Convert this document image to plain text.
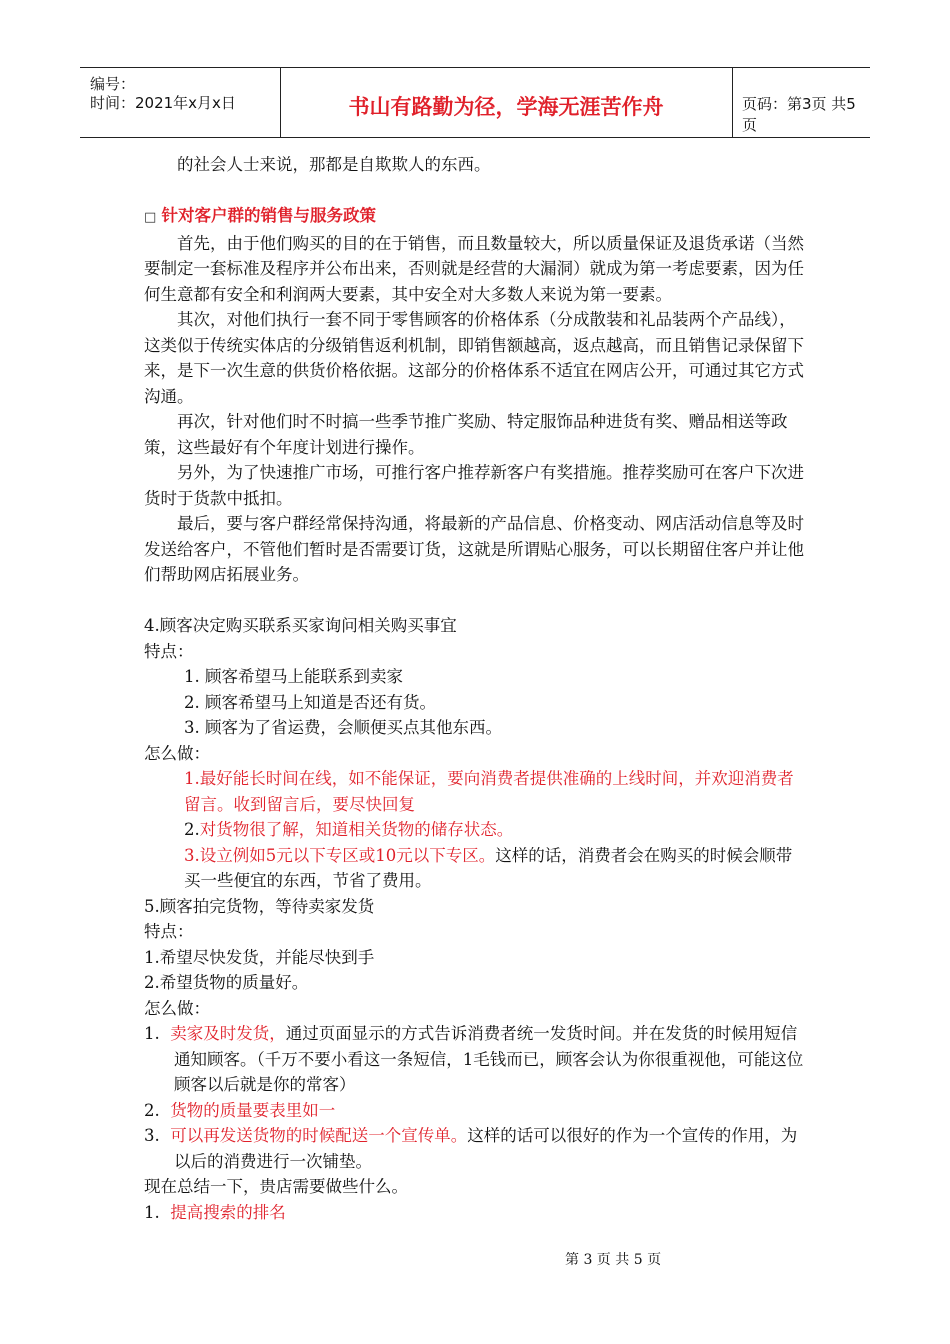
编号：
时间：2021年x月x日	书山有路勤为径，学海无涯苦作舟	页码：第3页 共5页

的社会人士来说，那都是自欺欺人的东西。

□ 针对客户群的销售与服务政策

首先，由于他们购买的目的在于销售，而且数量较大，所以质量保证及退货承诺（当然要制定一套标准及程序并公布出来，否则就是经营的大漏洞）就成为第一考虑要素，因为任何生意都有安全和利润两大要素，其中安全对大多数人来说为第一要素。

其次，对他们执行一套不同于零售顾客的价格体系（分成散装和礼品装两个产品线），这类似于传统实体店的分级销售返利机制，即销售额越高，返点越高，而且销售记录保留下来，是下一次生意的供货价格依据。这部分的价格体系不适宜在网店公开，可通过其它方式沟通。

再次，针对他们时不时搞一些季节推广奖励、特定服饰品种进货有奖、赠品相送等政策，这些最好有个年度计划进行操作。

另外，为了快速推广市场，可推行客户推荐新客户有奖措施。推荐奖励可在客户下次进货时于货款中抵扣。

最后，要与客户群经常保持沟通，将最新的产品信息、价格变动、网店活动信息等及时发送给客户，不管他们暂时是否需要订货，这就是所谓贴心服务，可以长期留住客户并让他们帮助网店拓展业务。

4.顾客决定购买联系买家询问相关购买事宜

特点：

1. 顾客希望马上能联系到卖家

2. 顾客希望马上知道是否还有货。

3. 顾客为了省运费，会顺便买点其他东西。

怎么做：

1.最好能长时间在线，如不能保证，要向消费者提供准确的上线时间，并欢迎消费者留言。收到留言后，要尽快回复

2.对货物很了解，知道相关货物的储存状态。

3.设立例如5元以下专区或10元以下专区。这样的话，消费者会在购买的时候会顺带买一些便宜的东西，节省了费用。

5.顾客拍完货物，等待卖家发货

特点：

1.希望尽快发货，并能尽快到手

2.希望货物的质量好。

怎么做：

1. 卖家及时发货，通过页面显示的方式告诉消费者统一发货时间。并在发货的时候用短信通知顾客。（千万不要小看这一条短信，1毛钱而已，顾客会认为你很重视他，可能这位顾客以后就是你的常客）

2. 货物的质量要表里如一

3. 可以再发送货物的时候配送一个宣传单。这样的话可以很好的作为一个宣传的作用，为以后的消费进行一次铺垫。

现在总结一下，贵店需要做些什么。

1. 提高搜索的排名

第 3 页 共 5 页
